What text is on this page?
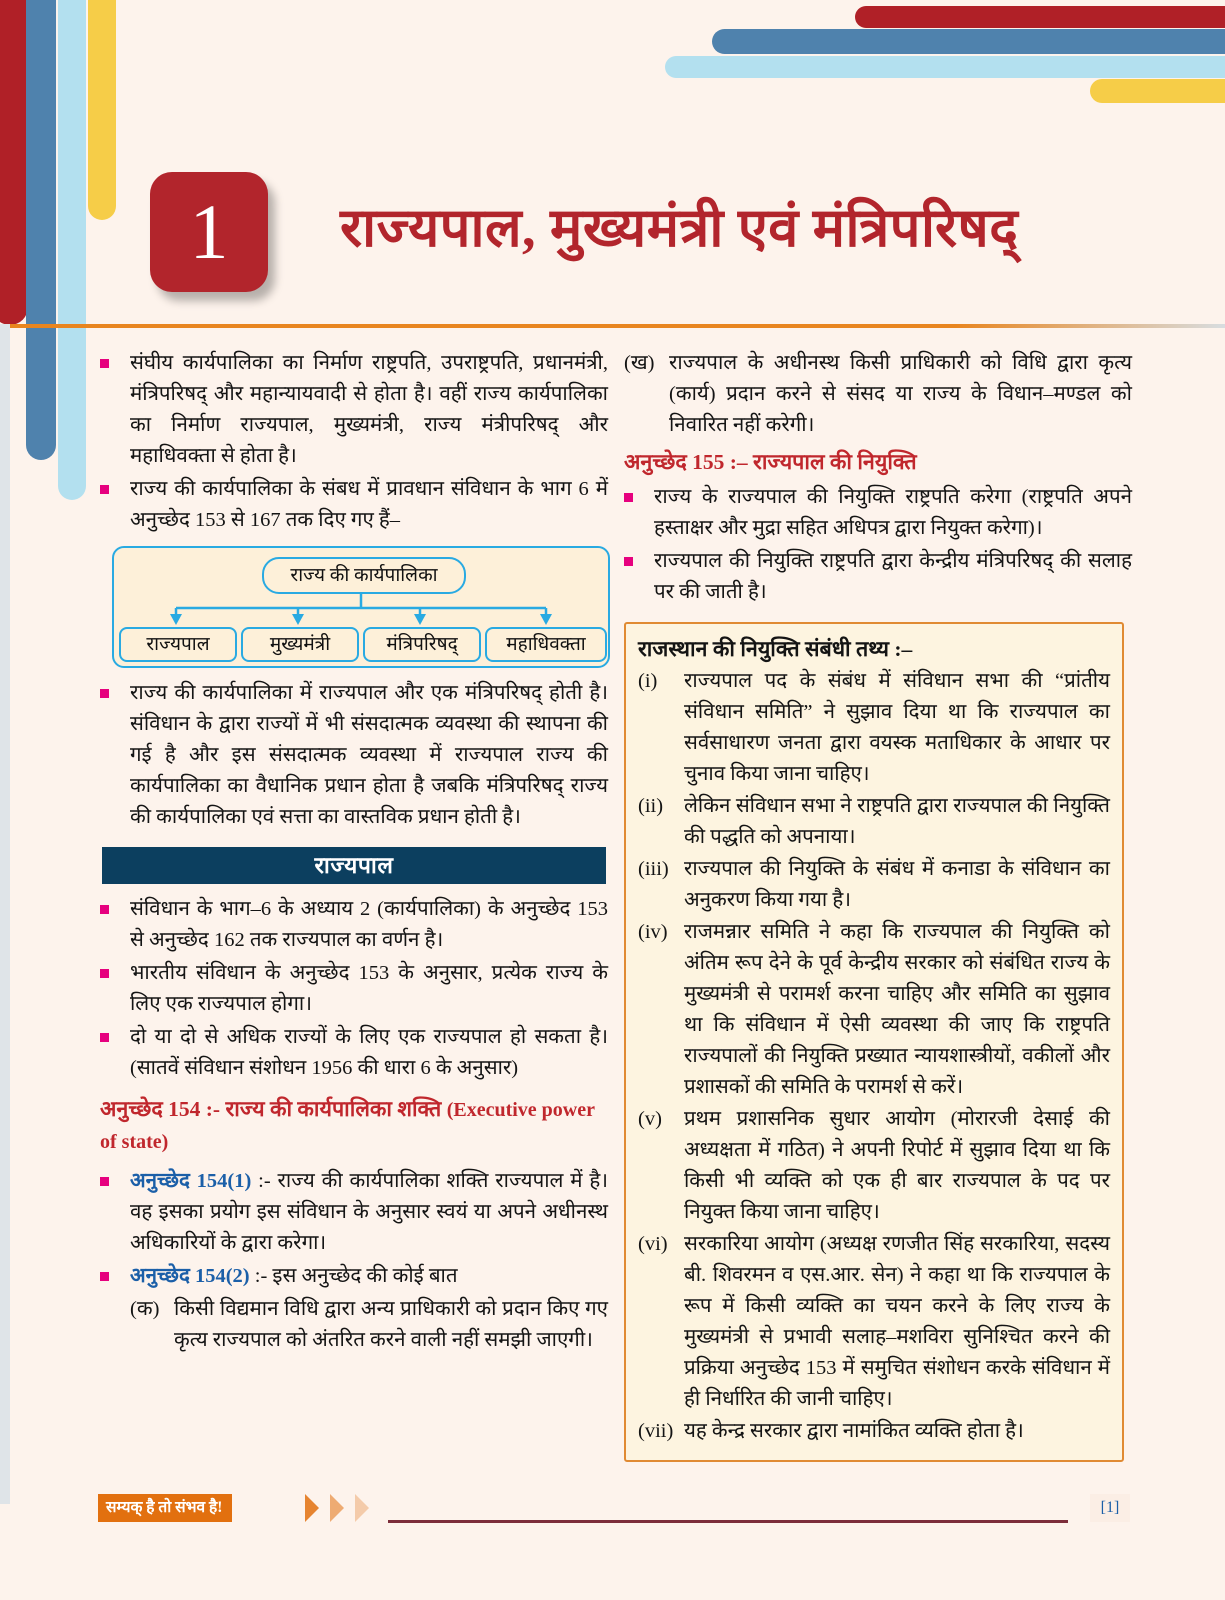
1	राज्यपाल, मुख्यमंत्री एवं मंत्रिपरिषद्
संघीय कार्यपालिका का निर्माण राष्ट्रपति, उपराष्ट्रपति, प्रधानमंत्री, मंत्रिपरिषद् और महान्यायवादी से होता है। वहीं राज्य कार्यपालिका का निर्माण राज्यपाल, मुख्यमंत्री, राज्य मंत्रीपरिषद् और महाधिवक्ता से होता है।
राज्य की कार्यपालिका के संबध में प्रावधान संविधान के भाग 6 में अनुच्छेद 153 से 167 तक दिए गए हैं–
राज्य की कार्यपालिका
राज्यपाल	मुख्यमंत्री	मंत्रिपरिषद्	महाधिवक्ता
राज्य की कार्यपालिका में राज्यपाल और एक मंत्रिपरिषद् होती है। संविधान के द्वारा राज्यों में भी संसदात्मक व्यवस्था की स्थापना की गई है और इस संसदात्मक व्यवस्था में राज्यपाल राज्य की कार्यपालिका का वैधानिक प्रधान होता है जबकि मंत्रिपरिषद् राज्य की कार्यपालिका एवं सत्ता का वास्तविक प्रधान होती है।
राज्यपाल
संविधान के भाग–6 के अध्याय 2 (कार्यपालिका) के अनुच्छेद 153 से अनुच्छेद 162 तक राज्यपाल का वर्णन है।
भारतीय संविधान के अनुच्छेद 153 के अनुसार, प्रत्येक राज्य के लिए एक राज्यपाल होगा।
दो या दो से अधिक राज्यों के लिए एक राज्यपाल हो सकता है। (सातवें संविधान संशोधन 1956 की धारा 6 के अनुसार)
अनुच्छेद 154 :- राज्य की कार्यपालिका शक्ति (Executive power of state)
अनुच्छेद 154(1) :- राज्य की कार्यपालिका शक्ति राज्यपाल में है। वह इसका प्रयोग इस संविधान के अनुसार स्वयं या अपने अधीनस्थ अधिकारियों के द्वारा करेगा।
अनुच्छेद 154(2) :- इस अनुच्छेद की कोई बात
(क) किसी विद्यमान विधि द्वारा अन्य प्राधिकारी को प्रदान किए गए कृत्य राज्यपाल को अंतरित करने वाली नहीं समझी जाएगी।
(ख) राज्यपाल के अधीनस्थ किसी प्राधिकारी को विधि द्वारा कृत्य (कार्य) प्रदान करने से संसद या राज्य के विधान–मण्डल को निवारित नहीं करेगी।
अनुच्छेद 155 :– राज्यपाल की नियुक्ति
राज्य के राज्यपाल की नियुक्ति राष्ट्रपति करेगा (राष्ट्रपति अपने हस्ताक्षर और मुद्रा सहित अधिपत्र द्वारा नियुक्त करेगा)।
राज्यपाल की नियुक्ति राष्ट्रपति द्वारा केन्द्रीय मंत्रिपरिषद् की सलाह पर की जाती है।
राजस्थान की नियुक्ति संबंधी तथ्य :–
(i)	राज्यपाल पद के संबंध में संविधान सभा की “प्रांतीय संविधान समिति” ने सुझाव दिया था कि राज्यपाल का सर्वसाधारण जनता द्वारा वयस्क मताधिकार के आधार पर चुनाव किया जाना चाहिए।
(ii)	लेकिन संविधान सभा ने राष्ट्रपति द्वारा राज्यपाल की नियुक्ति की पद्धति को अपनाया।
(iii) राज्यपाल की नियुक्ति के संबंध में कनाडा के संविधान का अनुकरण किया गया है।
(iv) राजमन्नार समिति ने कहा कि राज्यपाल की नियुक्ति को अंतिम रूप देने के पूर्व केन्द्रीय सरकार को संबंधित राज्य के मुख्यमंत्री से परामर्श करना चाहिए और समिति का सुझाव था कि संविधान में ऐसी व्यवस्था की जाए कि राष्ट्रपति राज्यपालों की नियुक्ति प्रख्यात न्यायशास्त्रीयों, वकीलों और प्रशासकों की समिति के परामर्श से करें।
(v)	प्रथम प्रशासनिक सुधार आयोग (मोरारजी देसाई की अध्यक्षता में गठित) ने अपनी रिपोर्ट में सुझाव दिया था कि किसी भी व्यक्ति को एक ही बार राज्यपाल के पद पर नियुक्त किया जाना चाहिए।
(vi) सरकारिया आयोग (अध्यक्ष रणजीत सिंह सरकारिया, सदस्य बी. शिवरमन व एस.आर. सेन) ने कहा था कि राज्यपाल के रूप में किसी व्यक्ति का चयन करने के लिए राज्य के मुख्यमंत्री से प्रभावी सलाह–मशविरा सुनिश्चित करने की प्रक्रिया अनुच्छेद 153 में समुचित संशोधन करके संविधान में ही निर्धारित की जानी चाहिए।
(vii) यह केन्द्र सरकार द्वारा नामांकित व्यक्ति होता है।
सम्यक् है तो संभव है!	[1]
